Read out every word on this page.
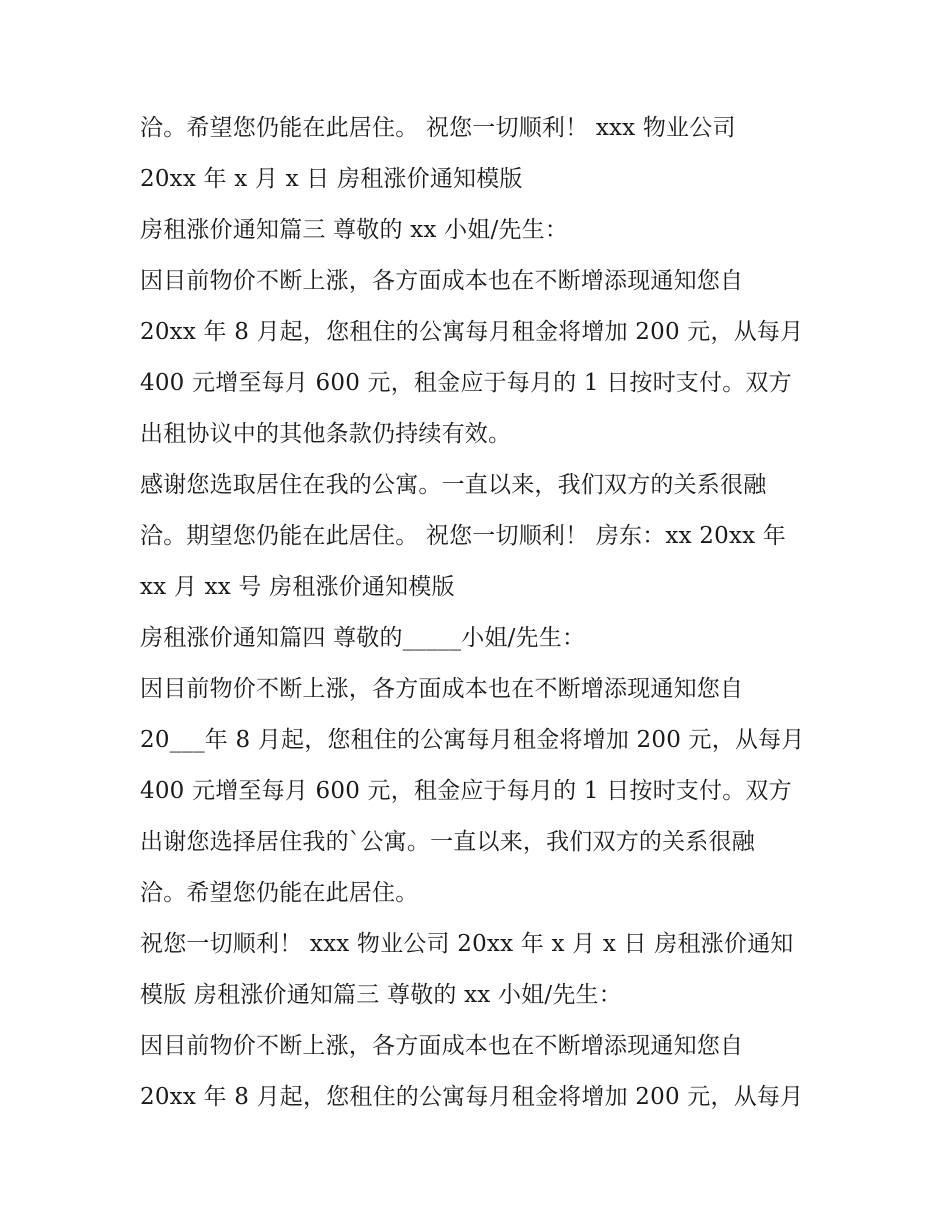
洽。希望您仍能在此居住。 祝您一切顺利！ xxx 物业公司
20xx 年 x 月 x 日 房租涨价通知模版
房租涨价通知篇三 尊敬的 xx 小姐/先生：
因目前物价不断上涨，各方面成本也在不断增添现通知您自
20xx 年 8 月起，您租住的公寓每月租金将增加 200 元，从每月
400 元增至每月 600 元，租金应于每月的 1 日按时支付。双方
出租协议中的其他条款仍持续有效。
感谢您选取居住在我的公寓。一直以来，我们双方的关系很融
洽。期望您仍能在此居住。 祝您一切顺利！ 房东：xx 20xx 年
xx 月 xx 号 房租涨价通知模版
房租涨价通知篇四 尊敬的_____小姐/先生：
因目前物价不断上涨，各方面成本也在不断增添现通知您自
20___年 8 月起，您租住的公寓每月租金将增加 200 元，从每月
400 元增至每月 600 元，租金应于每月的 1 日按时支付。双方
出谢您选择居住我的`公寓。一直以来，我们双方的关系很融
洽。希望您仍能在此居住。
祝您一切顺利！ xxx 物业公司 20xx 年 x 月 x 日 房租涨价通知
模版 房租涨价通知篇三 尊敬的 xx 小姐/先生：
因目前物价不断上涨，各方面成本也在不断增添现通知您自
20xx 年 8 月起，您租住的公寓每月租金将增加 200 元，从每月
